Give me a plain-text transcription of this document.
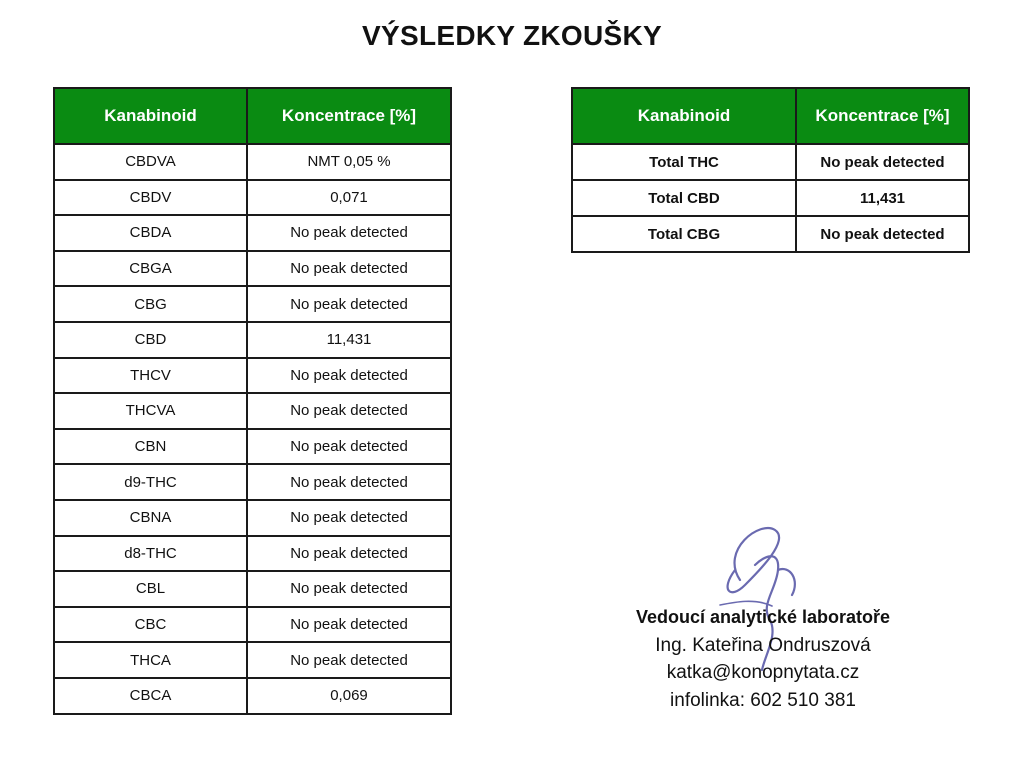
VÝSLEDKY ZKOUŠKY
Kanabinoid	Koncentrace [%]
CBDVA	NMT 0,05 %
CBDV	0,071
CBDA	No peak detected
CBGA	No peak detected
CBG	No peak detected
CBD	11,431
THCV	No peak detected
THCVA	No peak detected
CBN	No peak detected
d9-THC	No peak detected
CBNA	No peak detected
d8-THC	No peak detected
CBL	No peak detected
CBC	No peak detected
THCA	No peak detected
CBCA	0,069
Kanabinoid	Koncentrace [%]
Total THC	No peak detected
Total CBD	11,431
Total CBG	No peak detected
Vedoucí analytické laboratoře
Ing. Kateřina Ondruszová
katka@konopnytata.cz
infolinka: 602 510 381
